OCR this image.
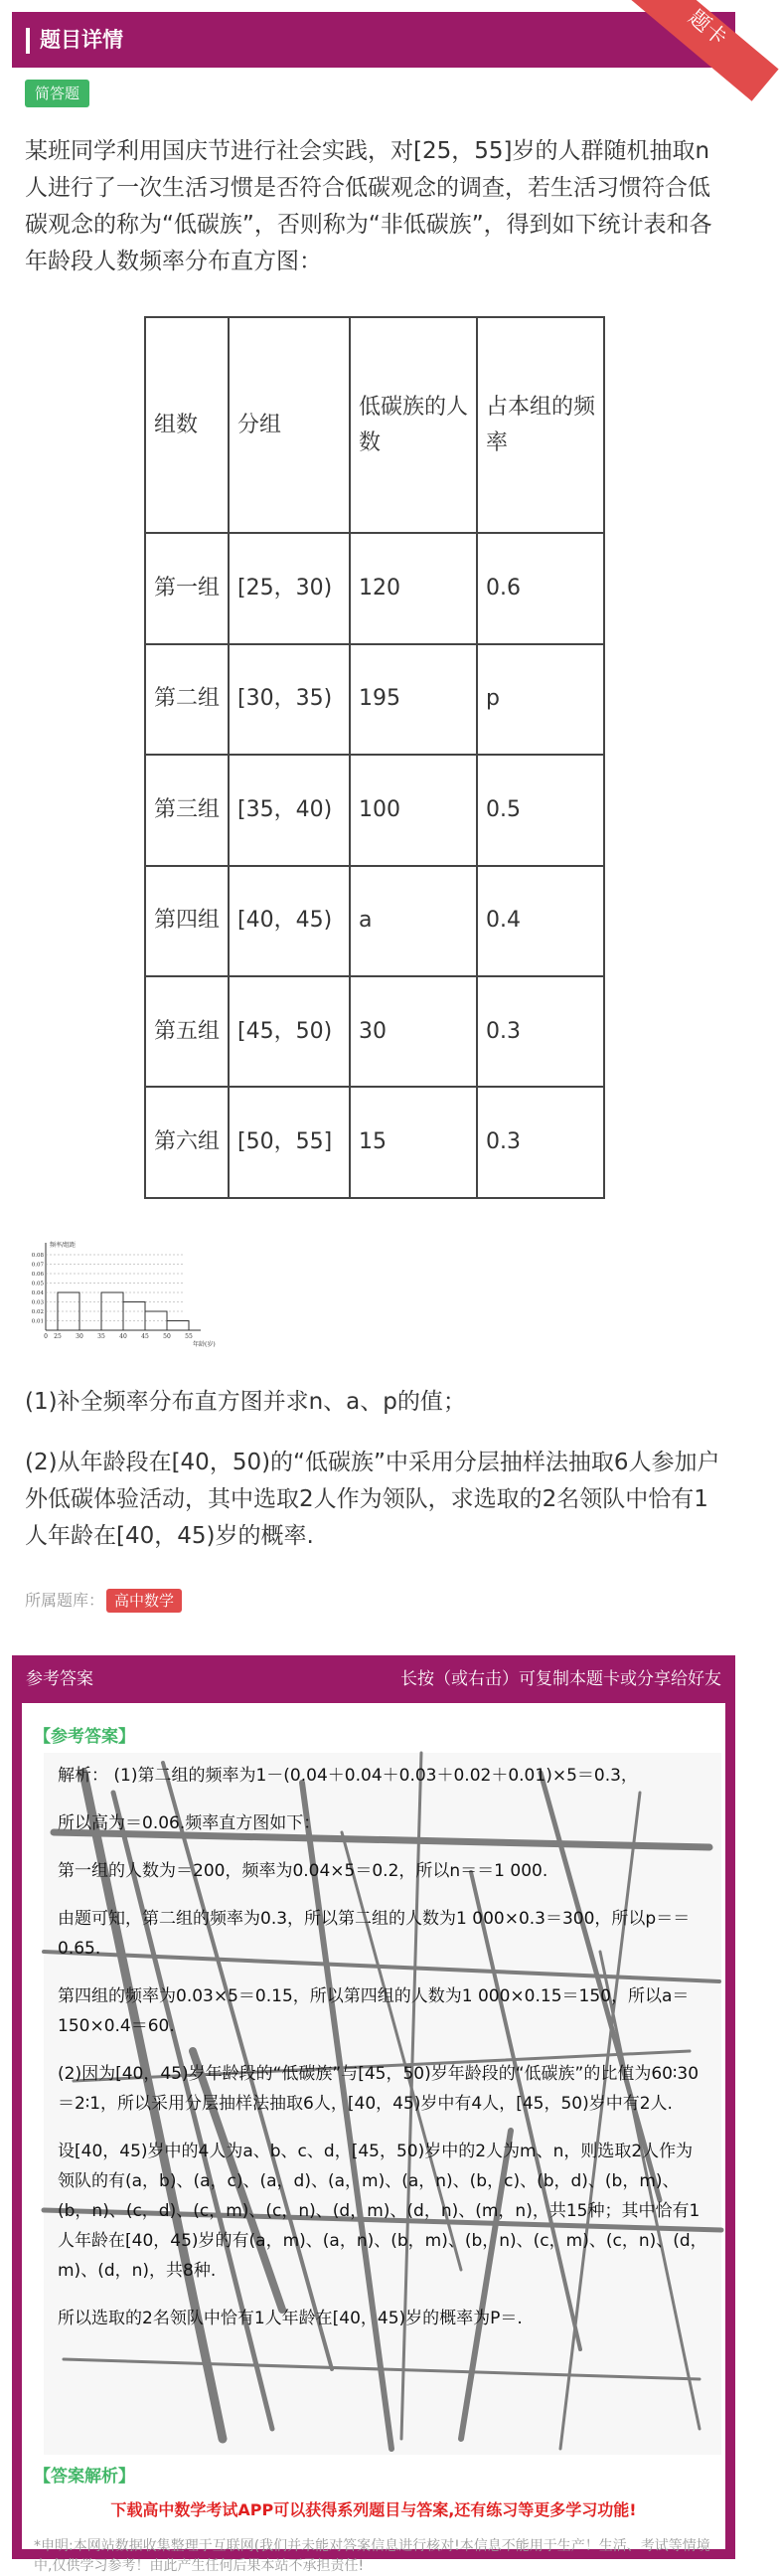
题目详情	题卡
简答题
某班同学利用国庆节进行社会实践，对[25，55]岁的人群随机抽取n人进行了一次生活习惯是否符合低碳观念的调查，若生活习惯符合低碳观念的称为“低碳族”，否则称为“非低碳族”，得到如下统计表和各年龄段人数频率分布直方图：
组数	分组	低碳族的人数	占本组的频率
第一组	[25，30)	120	0.6
第二组	[30，35)	195	p
第三组	[35，40)	100	0.5
第四组	[40，45)	a	0.4
第五组	[45，50)	30	0.3
第六组	[50，55]	15	0.3
0.01
0.02
0.03
0.04
0.05
0.06
0.07
0.08
0 25 30 35 40 45 50 55
频率/组距
年龄(岁)
(1)补全频率分布直方图并求n、a、p的值；
(2)从年龄段在[40，50)的“低碳族”中采用分层抽样法抽取6人参加户外低碳体验活动，其中选取2人作为领队，求选取的2名领队中恰有1人年龄在[40，45)岁的概率.
所属题库： 高中数学
参考答案	长按（或右击）可复制本题卡或分享给好友
【参考答案】

解析： (1)第二组的频率为1－(0.04＋0.04＋0.03＋0.02＋0.01)×5＝0.3，

所以高为＝0.06.频率直方图如下：

第一组的人数为＝200，频率为0.04×5＝0.2，所以n＝＝1 000.

由题可知，第二组的频率为0.3，所以第二组的人数为1 000×0.3＝300，所以p＝＝0.65.

第四组的频率为0.03×5＝0.15，所以第四组的人数为1 000×0.15＝150，所以a＝150×0.4＝60.

(2)因为[40，45)岁年龄段的“低碳族”与[45，50)岁年龄段的“低碳族”的比值为60∶30＝2∶1，所以采用分层抽样法抽取6人，[40，45)岁中有4人，[45，50)岁中有2人.

设[40，45)岁中的4人为a、b、c、d，[45，50)岁中的2人为m、n，则选取2人作为领队的有(a，b)、(a，c)、(a，d)、(a，m)、(a，n)、(b，c)、(b，d)、(b，m)、(b，n)、(c，d)、(c，m)、(c，n)、(d，m)、(d，n)、(m，n)，共15种；其中恰有1人年龄在[40，45)岁的有(a，m)、(a，n)、(b，m)、(b，n)、(c，m)、(c，n)、(d，m)、(d，n)，共8种.

所以选取的2名领队中恰有1人年龄在[40，45)岁的概率为P＝.

【答案解析】
下载高中数学考试APP可以获得系列题目与答案,还有练习等更多学习功能!
*申明:本网站数据收集整理于互联网(我们并未能对答案信息进行核对!本信息不能用于生产！生活、考试等情境中,仅供学习参考！由此产生任何后果本站不承担责任!
